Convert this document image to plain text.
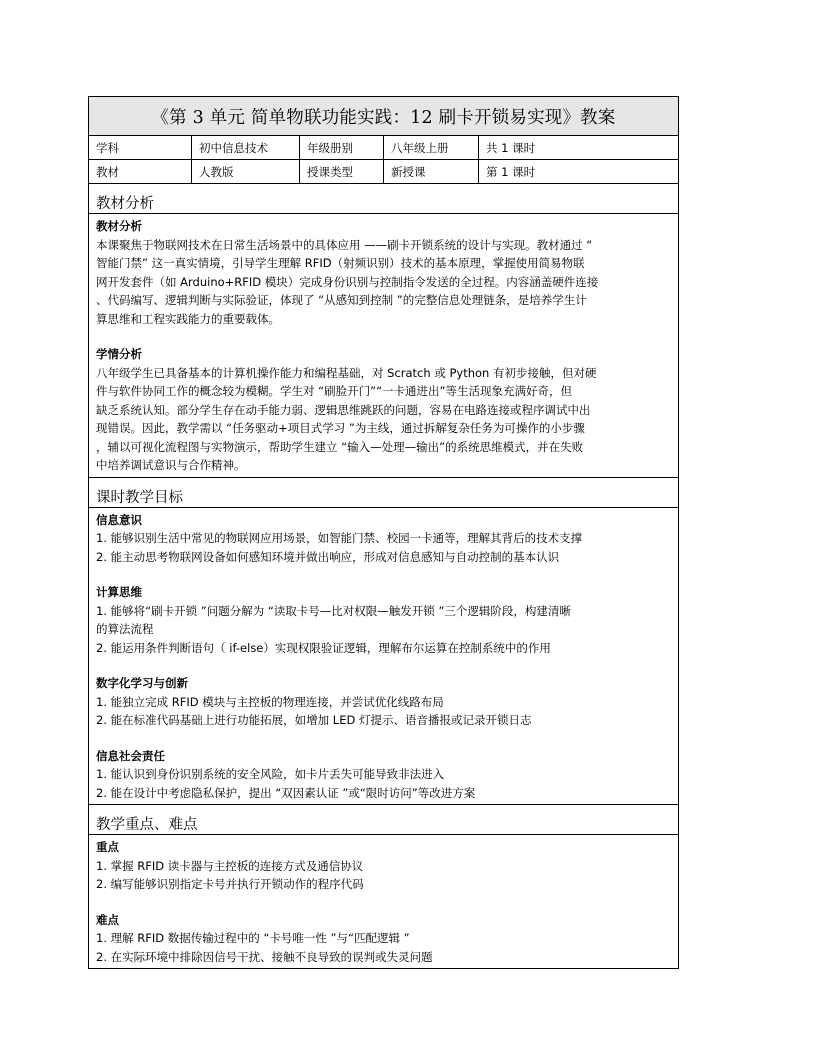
《第 3 单元 简单物联功能实践：12 刷卡开锁易实现》教案
学科	初中信息技术	年级册别	八年级上册	共 1 课时
教材	人教版	授课类型	新授课	第 1 课时
教材分析
教材分析
本课聚焦于物联网技术在日常生活场景中的具体应用 ——刷卡开锁系统的设计与实现。教材通过 “
智能门禁” 这一真实情境，引导学生理解 RFID（射频识别）技术的基本原理，掌握使用简易物联
网开发套件（如 Arduino+RFID 模块）完成身份识别与控制指令发送的全过程。内容涵盖硬件连接
、代码编写、逻辑判断与实际验证，体现了 “从感知到控制 ”的完整信息处理链条，是培养学生计
算思维和工程实践能力的重要载体。
学情分析
八年级学生已具备基本的计算机操作能力和编程基础，对 Scratch 或 Python 有初步接触，但对硬
件与软件协同工作的概念较为模糊。学生对 “刷脸开门”“一卡通进出”等生活现象充满好奇，但
缺乏系统认知。部分学生存在动手能力弱、逻辑思维跳跃的问题，容易在电路连接或程序调试中出
现错误。因此，教学需以 “任务驱动+项目式学习 ”为主线，通过拆解复杂任务为可操作的小步骤
，辅以可视化流程图与实物演示，帮助学生建立 “输入—处理—输出”的系统思维模式，并在失败
中培养调试意识与合作精神。
课时教学目标
信息意识
1. 能够识别生活中常见的物联网应用场景，如智能门禁、校园一卡通等，理解其背后的技术支撑
2. 能主动思考物联网设备如何感知环境并做出响应，形成对信息感知与自动控制的基本认识
计算思维
1. 能够将“刷卡开锁 ”问题分解为 “读取卡号—比对权限—触发开锁 ”三个逻辑阶段，构建清晰
的算法流程
2. 能运用条件判断语句（ if-else）实现权限验证逻辑，理解布尔运算在控制系统中的作用
数字化学习与创新
1. 能独立完成 RFID 模块与主控板的物理连接，并尝试优化线路布局
2. 能在标准代码基础上进行功能拓展，如增加 LED 灯提示、语音播报或记录开锁日志
信息社会责任
1. 能认识到身份识别系统的安全风险，如卡片丢失可能导致非法进入
2. 能在设计中考虑隐私保护，提出 “双因素认证 ”或“限时访问”等改进方案
教学重点、难点
重点
1. 掌握 RFID 读卡器与主控板的连接方式及通信协议
2. 编写能够识别指定卡号并执行开锁动作的程序代码
难点
1. 理解 RFID 数据传输过程中的 “卡号唯一性 ”与“匹配逻辑 ”
2. 在实际环境中排除因信号干扰、接触不良导致的误判或失灵问题
